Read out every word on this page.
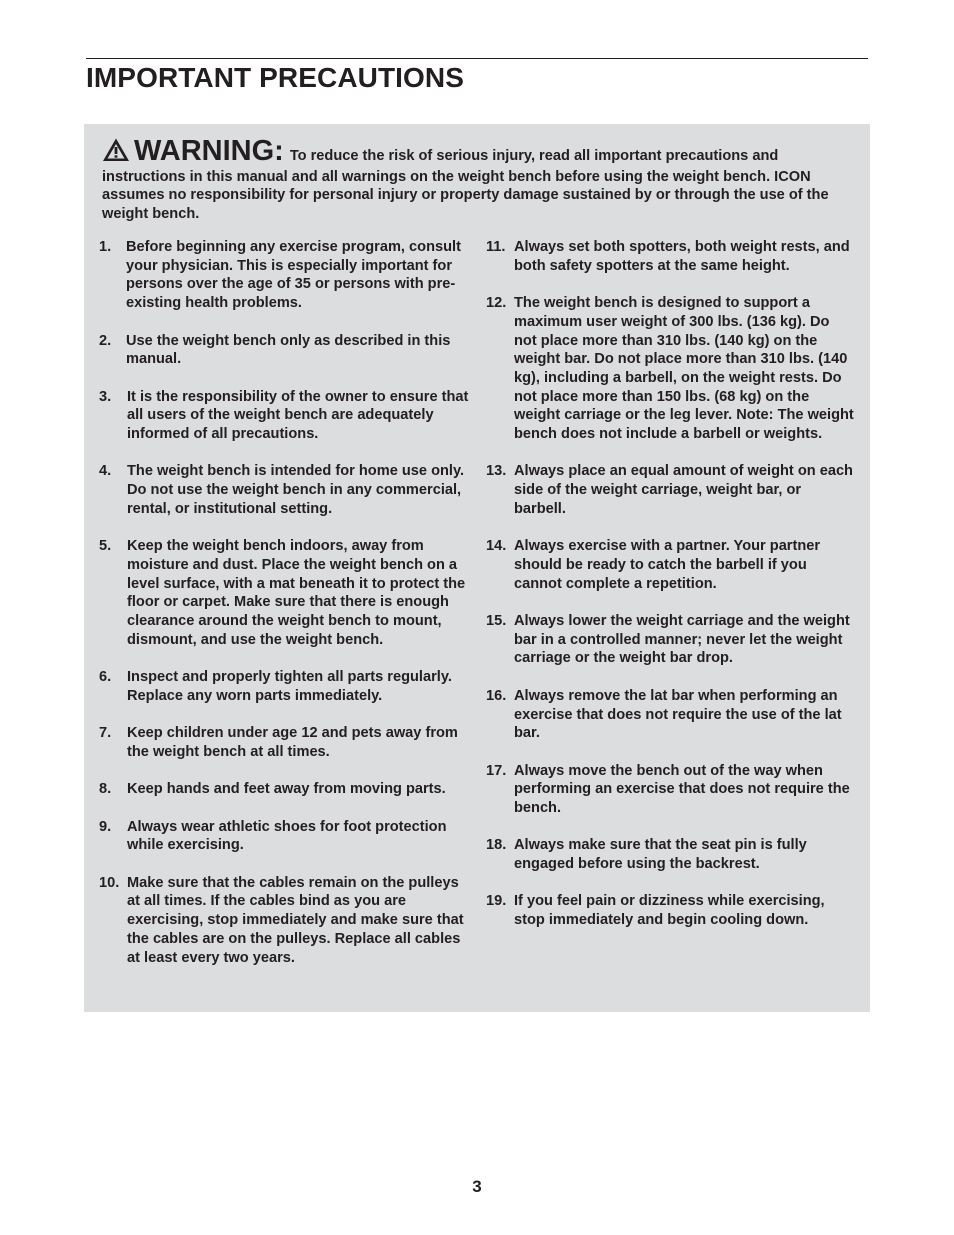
IMPORTANT PRECAUTIONS
WARNING: To reduce the risk of serious injury, read all important precautions and instructions in this manual and all warnings on the weight bench before using the weight bench. ICON assumes no responsibility for personal injury or property damage sustained by or through the use of the weight bench.
1.	Before beginning any exercise program, consult your physician. This is especially important for persons over the age of 35 or persons with pre-existing health problems.
2.	Use the weight bench only as described in this manual.
3.	It is the responsibility of the owner to ensure that all users of the weight bench are adequately informed of all precautions.
4.	The weight bench is intended for home use only. Do not use the weight bench in any commercial, rental, or institutional setting.
5.	Keep the weight bench indoors, away from moisture and dust. Place the weight bench on a level surface, with a mat beneath it to protect the floor or carpet. Make sure that there is enough clearance around the weight bench to mount, dismount, and use the weight bench.
6.	Inspect and properly tighten all parts regularly. Replace any worn parts immediately.
7.	Keep children under age 12 and pets away from the weight bench at all times.
8.	Keep hands and feet away from moving parts.
9.	Always wear athletic shoes for foot protection while exercising.
10. Make sure that the cables remain on the pulleys at all times. If the cables bind as you are exercising, stop immediately and make sure that the cables are on the pulleys. Replace all cables at least every two years.
11. Always set both spotters, both weight rests, and both safety spotters at the same height.
12. The weight bench is designed to support a maximum user weight of 300 lbs. (136 kg). Do not place more than 310 lbs. (140 kg) on the weight bar. Do not place more than 310 lbs. (140 kg), including a barbell, on the weight rests. Do not place more than 150 lbs. (68 kg) on the weight carriage or the leg lever. Note: The weight bench does not include a barbell or weights.
13. Always place an equal amount of weight on each side of the weight carriage, weight bar, or barbell.
14. Always exercise with a partner. Your partner should be ready to catch the barbell if you cannot complete a repetition.
15. Always lower the weight carriage and the weight bar in a controlled manner; never let the weight carriage or the weight bar drop.
16. Always remove the lat bar when performing an exercise that does not require the use of the lat bar.
17. Always move the bench out of the way when performing an exercise that does not require the bench.
18. Always make sure that the seat pin is fully engaged before using the backrest.
19. If you feel pain or dizziness while exercising, stop immediately and begin cooling down.
3
